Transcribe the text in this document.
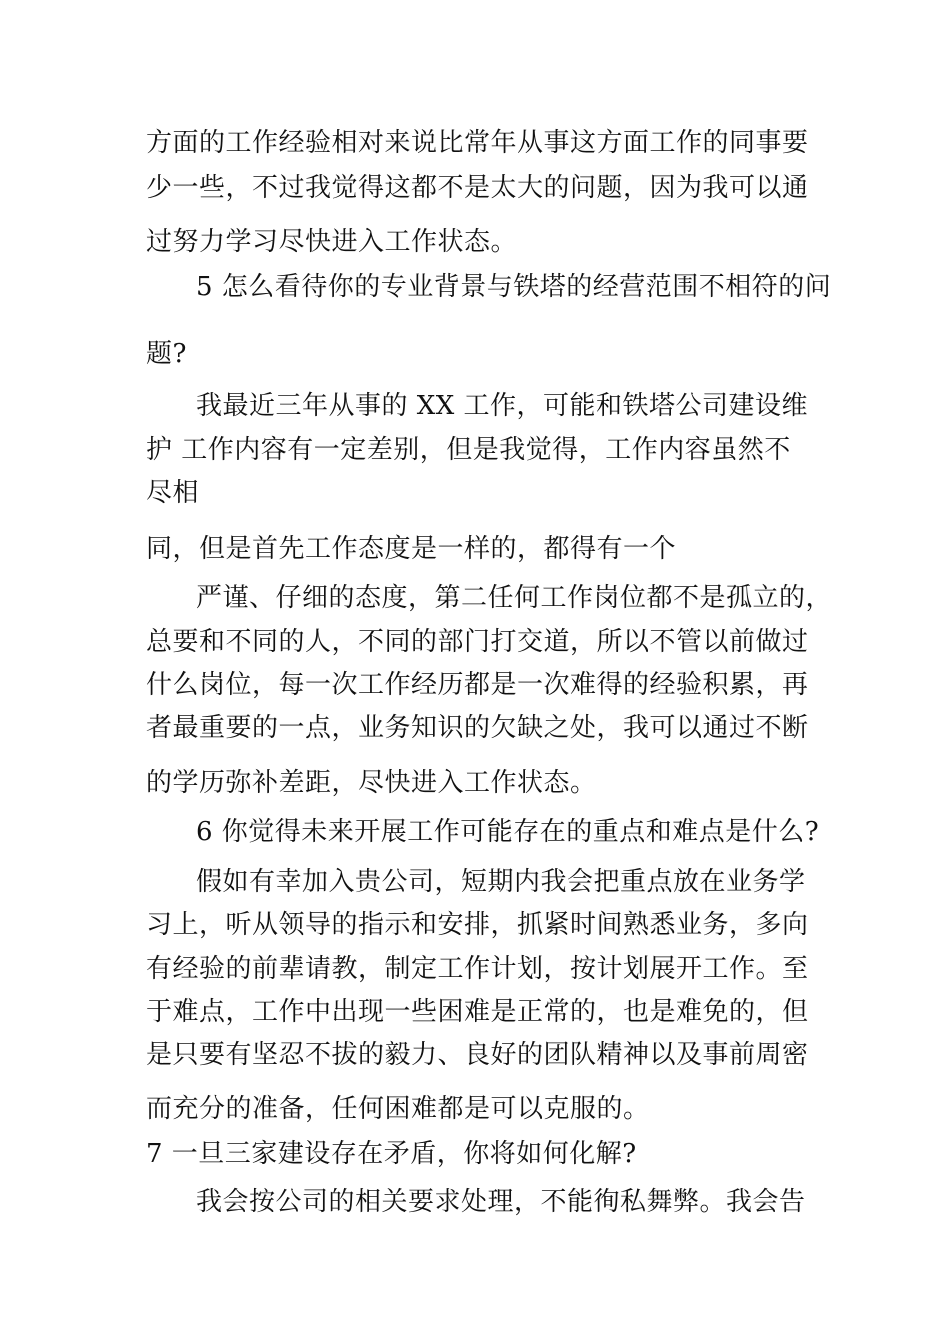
方面的工作经验相对来说比常年从事这方面工作的同事要
少一些，不过我觉得这都不是太大的问题，因为我可以通
过努力学习尽快进入工作状态。
5 怎么看待你的专业背景与铁塔的经营范围不相符的问
题?
我最近三年从事的 XX 工作，可能和铁塔公司建设维
护 工作内容有一定差别，但是我觉得，工作内容虽然不
尽相
同，但是首先工作态度是一样的，都得有一个
严谨、仔细的态度，第二任何工作岗位都不是孤立的，
总要和不同的人，不同的部门打交道，所以不管以前做过
什么岗位，每一次工作经历都是一次难得的经验积累，再
者最重要的一点，业务知识的欠缺之处，我可以通过不断
的学历弥补差距，尽快进入工作状态。
6 你觉得未来开展工作可能存在的重点和难点是什么?
假如有幸加入贵公司，短期内我会把重点放在业务学
习上，听从领导的指示和安排，抓紧时间熟悉业务，多向
有经验的前辈请教，制定工作计划，按计划展开工作。至
于难点，工作中出现一些困难是正常的，也是难免的，但
是只要有坚忍不拔的毅力、良好的团队精神以及事前周密
而充分的准备，任何困难都是可以克服的。
7 一旦三家建设存在矛盾，你将如何化解?
我会按公司的相关要求处理，不能徇私舞弊。我会告
